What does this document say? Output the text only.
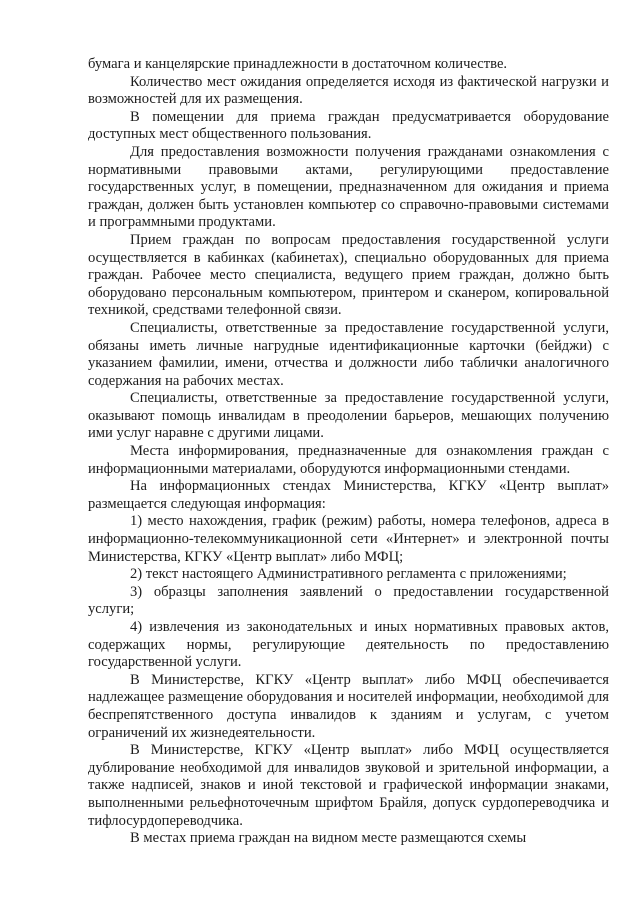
бумага и канцелярские принадлежности в достаточном количестве.

Количество мест ожидания определяется исходя из фактической нагрузки и возможностей для их размещения.

В помещении для приема граждан предусматривается оборудование доступных мест общественного пользования.

Для предоставления возможности получения гражданами ознакомления с нормативными правовыми актами, регулирующими предоставление государственных услуг, в помещении, предназначенном для ожидания и приема граждан, должен быть установлен компьютер со справочно-правовыми системами и программными продуктами.

Прием граждан по вопросам предоставления государственной услуги осуществляется в кабинках (кабинетах), специально оборудованных для приема граждан. Рабочее место специалиста, ведущего прием граждан, должно быть оборудовано персональным компьютером, принтером и сканером, копировальной техникой, средствами телефонной связи.

Специалисты, ответственные за предоставление государственной услуги, обязаны иметь личные нагрудные идентификационные карточки (бейджи) с указанием фамилии, имени, отчества и должности либо таблички аналогичного содержания на рабочих местах.

Специалисты, ответственные за предоставление государственной услуги, оказывают помощь инвалидам в преодолении барьеров, мешающих получению ими услуг наравне с другими лицами.

Места информирования, предназначенные для ознакомления граждан с информационными материалами, оборудуются информационными стендами.

На информационных стендах Министерства, КГКУ «Центр выплат» размещается следующая информация:

1) место нахождения, график (режим) работы, номера телефонов, адреса в информационно-телекоммуникационной сети «Интернет» и электронной почты Министерства, КГКУ «Центр выплат» либо МФЦ;

2) текст настоящего Административного регламента с приложениями;

3) образцы заполнения заявлений о предоставлении государственной услуги;

4) извлечения из законодательных и иных нормативных правовых актов, содержащих нормы, регулирующие деятельность по предоставлению государственной услуги.

В Министерстве, КГКУ «Центр выплат» либо МФЦ обеспечивается надлежащее размещение оборудования и носителей информации, необходимой для беспрепятственного доступа инвалидов к зданиям и услугам, с учетом ограничений их жизнедеятельности.

В Министерстве, КГКУ «Центр выплат» либо МФЦ осуществляется дублирование необходимой для инвалидов звуковой и зрительной информации, а также надписей, знаков и иной текстовой и графической информации знаками, выполненными рельефноточечным шрифтом Брайля, допуск сурдопереводчика и тифлосурдопереводчика.

В местах приема граждан на видном месте размещаются схемы
